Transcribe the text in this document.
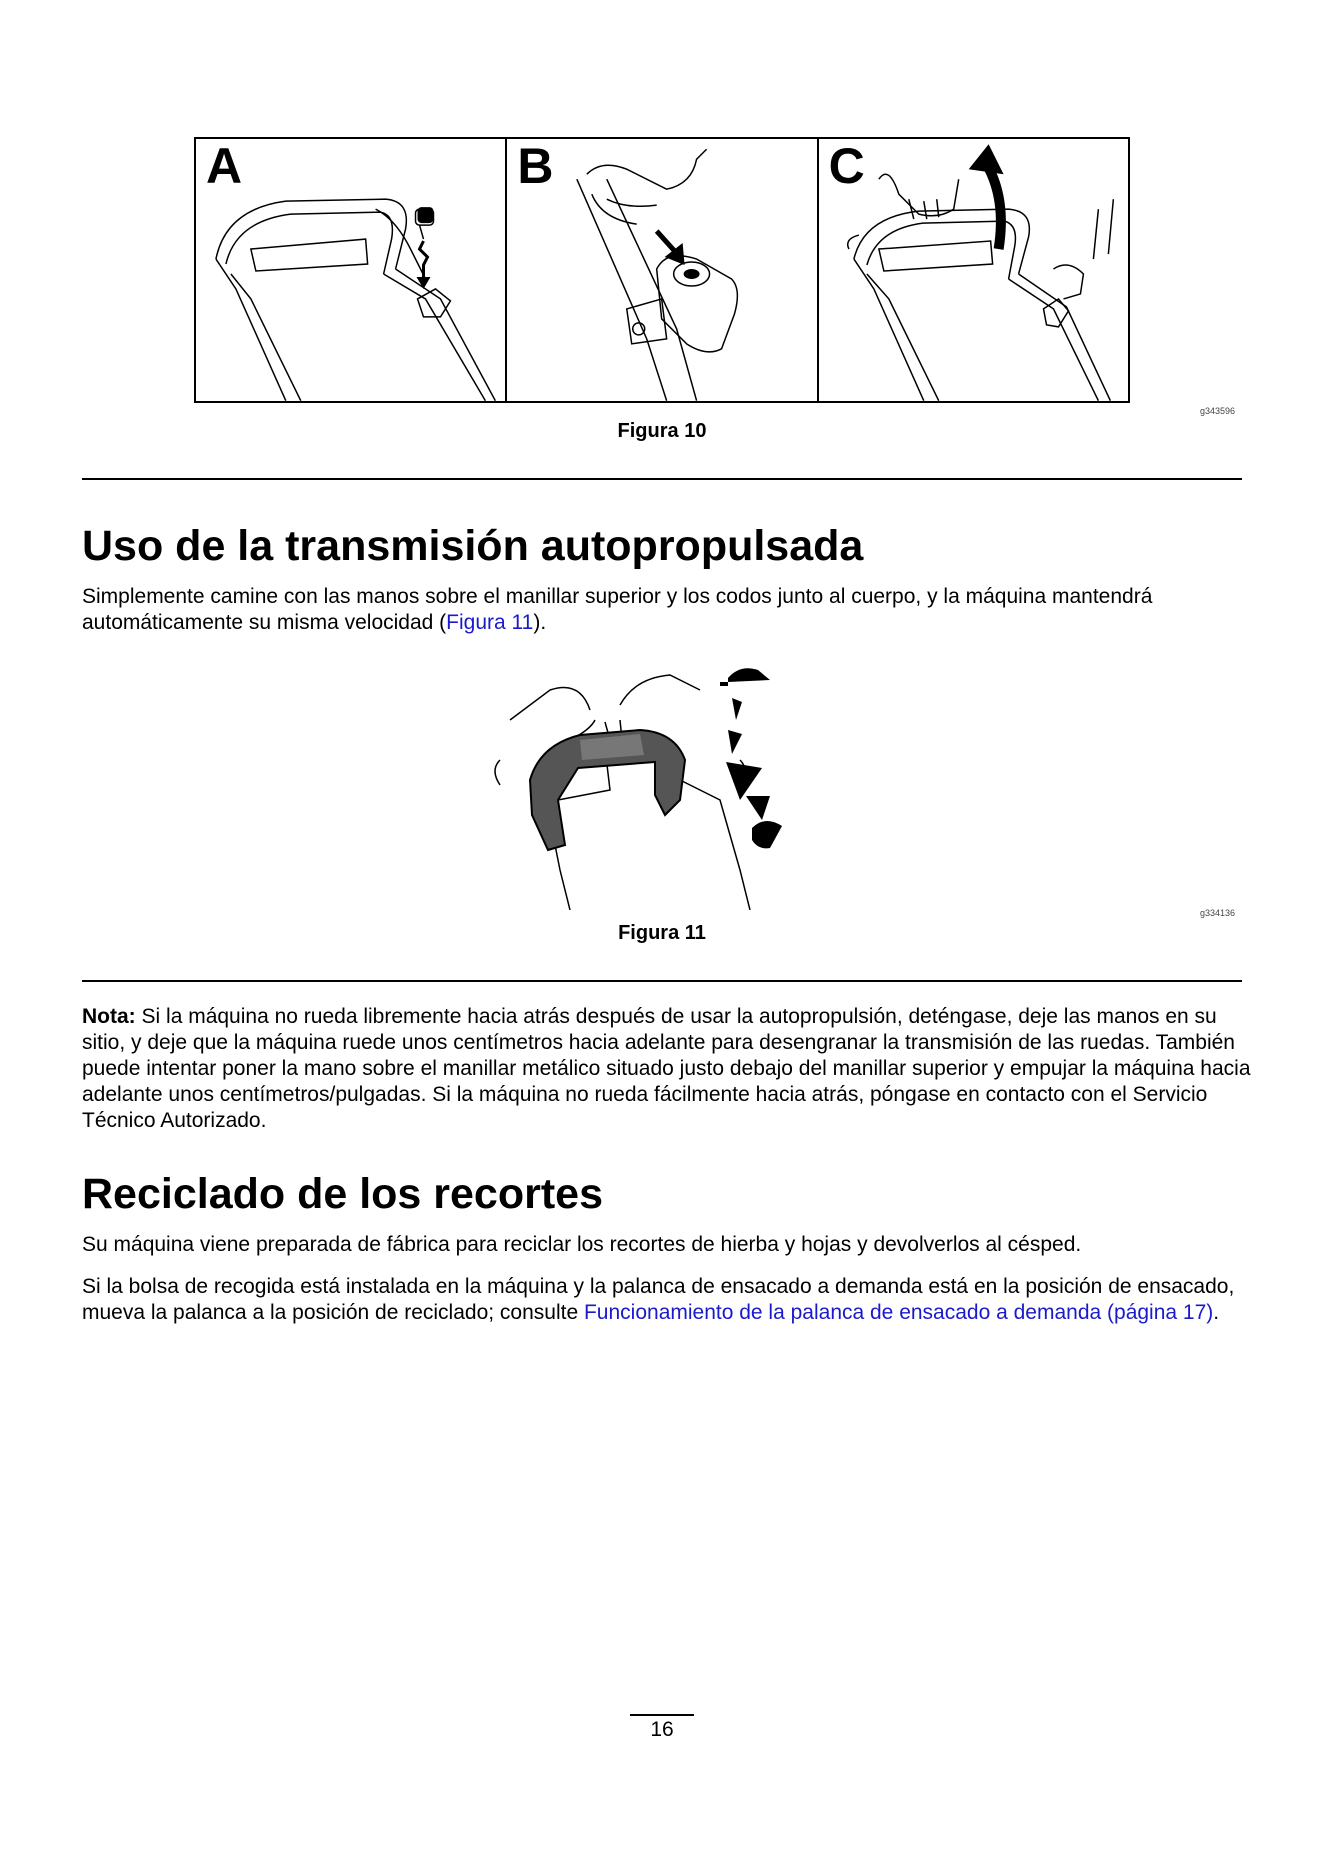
A	B	C
g343596
Figura 10
Uso de la transmisión autopropulsada

Simplemente camine con las manos sobre el manillar superior y los codos junto al cuerpo, y la máquina mantendrá automáticamente su misma velocidad (Figura 11).

g334136
Figura 11

Nota: Si la máquina no rueda libremente hacia atrás después de usar la autopropulsión, deténgase, deje las manos en su sitio, y deje que la máquina ruede unos centímetros hacia adelante para desengranar la transmisión de las ruedas. También puede intentar poner la mano sobre el manillar metálico situado justo debajo del manillar superior y empujar la máquina hacia adelante unos centímetros/pulgadas. Si la máquina no rueda fácilmente hacia atrás, póngase en contacto con el Servicio Técnico Autorizado.

Reciclado de los recortes

Su máquina viene preparada de fábrica para reciclar los recortes de hierba y hojas y devolverlos al césped.

Si la bolsa de recogida está instalada en la máquina y la palanca de ensacado a demanda está en la posición de ensacado, mueva la palanca a la posición de reciclado; consulte Funcionamiento de la palanca de ensacado a demanda (página 17).

16
